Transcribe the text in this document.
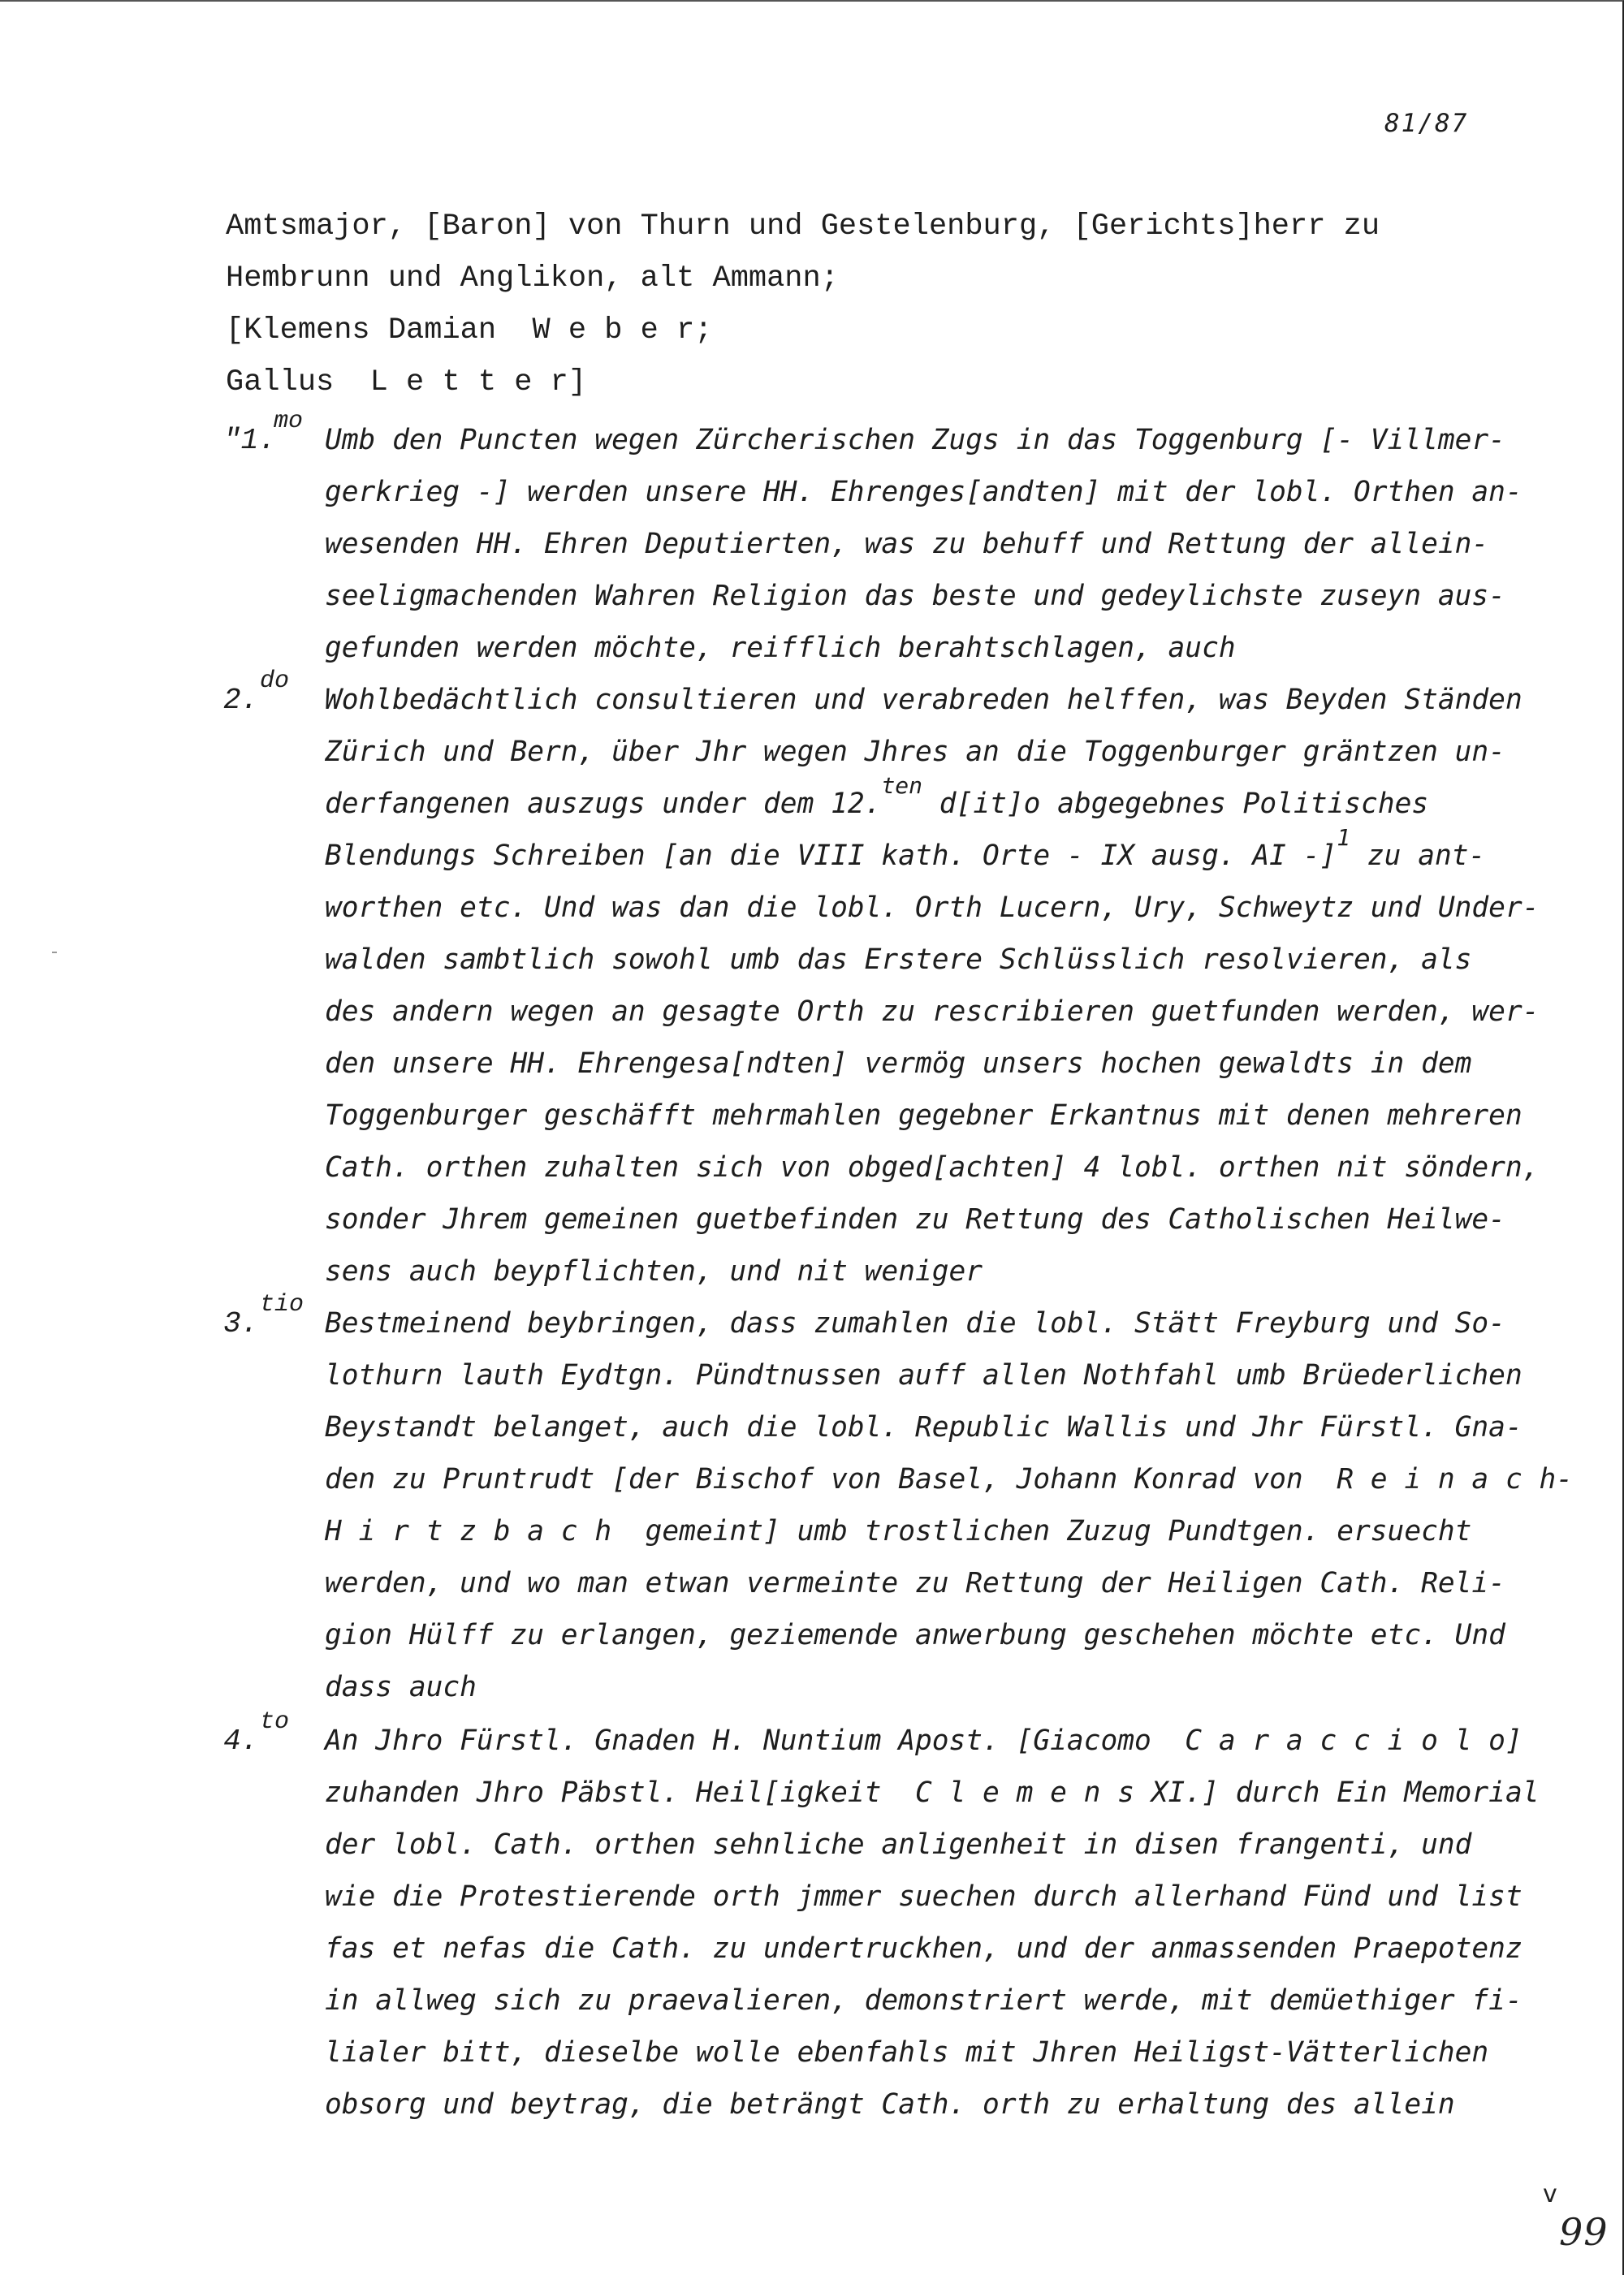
81/87
Amtsmajor, [Baron] von Thurn und Gestelenburg, [Gerichts]herr zu
Hembrunn und Anglikon, alt Ammann;
[Klemens Damian  W e b e r;
Gallus  L e t t e r]
"1.
mo
Umb den Puncten wegen Zürcherischen Zugs in das Toggenburg [- Villmer-
gerkrieg -] werden unsere HH. Ehrenges[andten] mit der lobl. Orthen an-
wesenden HH. Ehren Deputierten, was zu behuff und Rettung der allein-
seeligmachenden Wahren Religion das beste und gedeylichste zuseyn aus-
gefunden werden möchte, reifflich berahtschlagen, auch
2.
do
Wohlbedächtlich consultieren und verabreden helffen, was Beyden Ständen
Zürich und Bern, über Jhr wegen Jhres an die Toggenburger gräntzen un-
derfangenen auszugs under dem 12.$^{ten}$ d[it]o abgegebnes Politisches
Blendungs Schreiben [an die VIII kath. Orte - IX ausg. AI -]$^1$ zu ant-
worthen etc. Und was dan die lobl. Orth Lucern, Ury, Schweytz und Under-
walden sambtlich sowohl umb das Erstere Schlüsslich resolvieren, als
des andern wegen an gesagte Orth zu rescribieren guetfunden werden, wer-
den unsere HH. Ehrengesa[ndten] vermög unsers hochen gewaldts in dem
Toggenburger geschäfft mehrmahlen gegebner Erkantnus mit denen mehreren
Cath. orthen zuhalten sich von obged[achten] 4 lobl. orthen nit söndern,
sonder Jhrem gemeinen guetbefinden zu Rettung des Catholischen Heilwe-
sens auch beypflichten, und nit weniger
3.
tio
Bestmeinend beybringen, dass zumahlen die lobl. Stätt Freyburg und So-
lothurn lauth Eydtgn. Pündtnussen auff allen Nothfahl umb Brüederlichen
Beystandt belanget, auch die lobl. Republic Wallis und Jhr Fürstl. Gna-
den zu Pruntrudt [der Bischof von Basel, Johann Konrad von  R e i n a c h-
H i r t z b a c h  gemeint] umb trostlichen Zuzug Pundtgen. ersuecht
werden, und wo man etwan vermeinte zu Rettung der Heiligen Cath. Reli-
gion Hülff zu erlangen, geziemende anwerbung geschehen möchte etc. Und
dass auch
4.
to
An Jhro Fürstl. Gnaden H. Nuntium Apost. [Giacomo  C a r a c c i o l o]
zuhanden Jhro Päbstl. Heil[igkeit  C l e m e n s XI.] durch Ein Memorial
der lobl. Cath. orthen sehnliche anligenheit in disen frangenti, und
wie die Protestierende orth jmmer suechen durch allerhand Fünd und list
fas et nefas die Cath. zu undertruckhen, und der anmassenden Praepotenz
in allweg sich zu praevalieren, demonstriert werde, mit demüethiger fi-
lialer bitt, dieselbe wolle ebenfahls mit Jhren Heiligst-Vätterlichen
obsorg und beytrag, die beträngt Cath. orth zu erhaltung des allein
v
99
